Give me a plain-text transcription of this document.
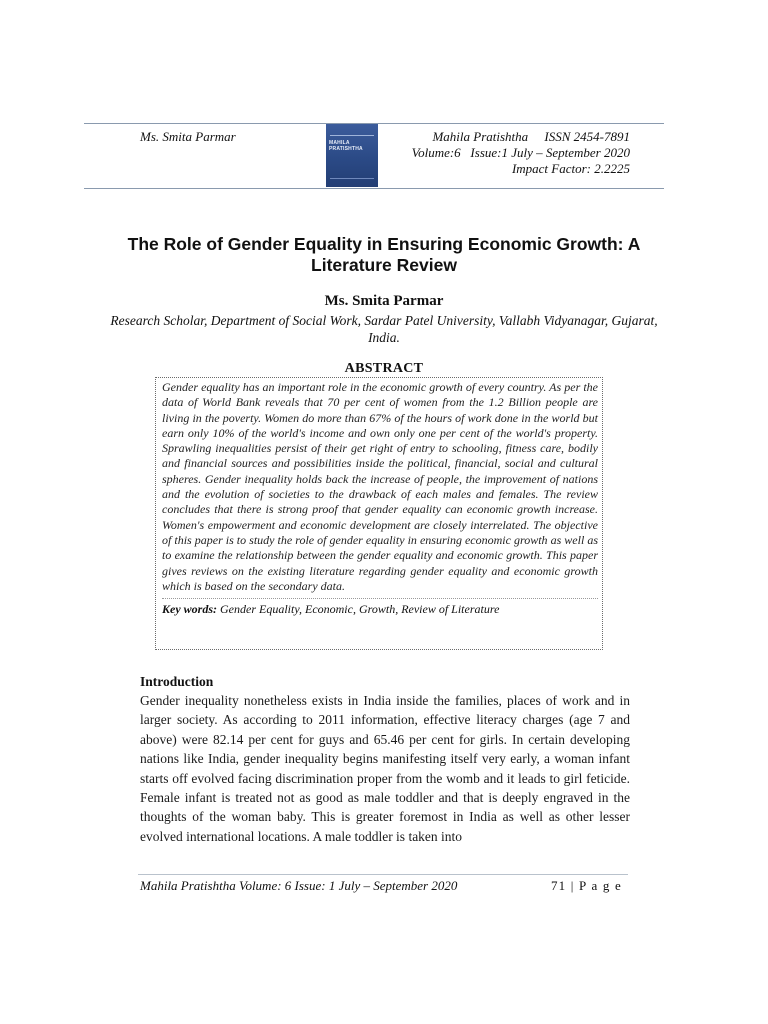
Ms. Smita Parmar	MAHILA PRATISHTHA
Mahila Pratishtha     ISSN 2454-7891
Volume:6   Issue:1 July – September 2020
Impact Factor: 2.2225
The Role of Gender Equality in Ensuring Economic Growth: A Literature Review
Ms. Smita Parmar
Research Scholar, Department of Social Work, Sardar Patel University, Vallabh Vidyanagar, Gujarat, India.
ABSTRACT
Gender equality has an important role in the economic growth of every country. As per the data of World Bank reveals that 70 per cent of women from the 1.2 Billion people are living in the poverty. Women do more than 67% of the hours of work done in the world but earn only 10% of the world's income and own only one per cent of the world's property. Sprawling inequalities persist of their get right of entry to schooling, fitness care, bodily and financial sources and possibilities inside the political, financial, social and cultural spheres. Gender inequality holds back the increase of people, the improvement of nations and the evolution of societies to the drawback of each males and females. The review concludes that there is strong proof that gender equality can economic growth increase. Women's empowerment and economic development are closely interrelated. The objective of this paper is to study the role of gender equality in ensuring economic growth as well as to examine the relationship between the gender equality and economic growth. This paper gives reviews on the existing literature regarding gender equality and economic growth which is based on the secondary data.
Key words: Gender Equality, Economic, Growth, Review of Literature
Introduction
Gender inequality nonetheless exists in India inside the families, places of work and in larger society. As according to 2011 information, effective literacy charges (age 7 and above) were 82.14 per cent for guys and 65.46 per cent for girls. In certain developing nations like India, gender inequality begins manifesting itself very early, a woman infant starts off evolved facing discrimination proper from the womb and it leads to girl feticide. Female infant is treated not as good as male toddler and that is deeply engraved in the thoughts of the woman baby. This is greater foremost in India as well as other lesser evolved international locations. A male toddler is taken into
Mahila Pratishtha Volume: 6 Issue: 1 July – September 2020	71 | P a g e
